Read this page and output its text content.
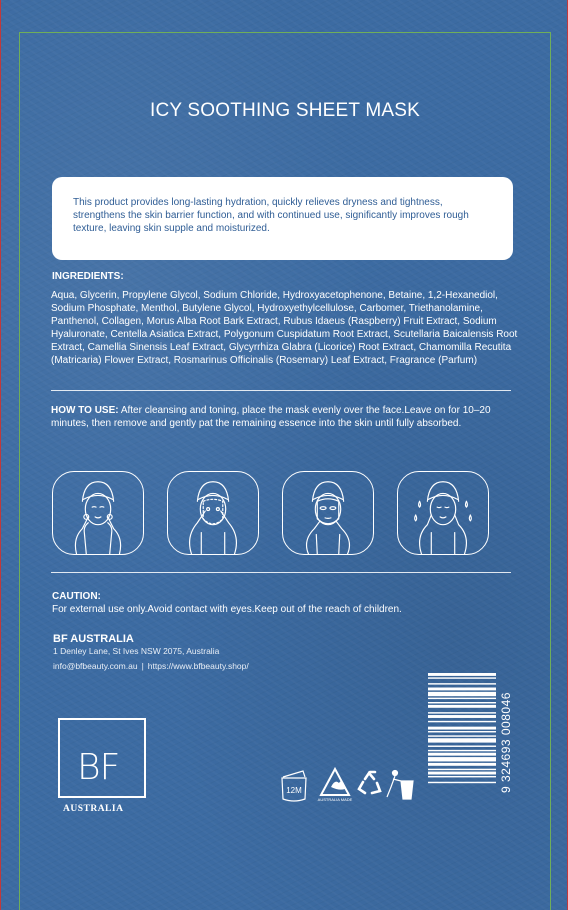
ICY SOOTHING SHEET MASK
This product provides long-lasting hydration, quickly relieves dryness and tightness, strengthens the skin barrier function, and with continued use, significantly improves rough texture, leaving skin supple and moisturized.
INGREDIENTS:
Aqua, Glycerin, Propylene Glycol, Sodium Chloride, Hydroxyacetophenone, Betaine, 1,2-Hexanediol, Sodium Phosphate, Menthol, Butylene Glycol, Hydroxyethylcellulose, Carbomer, Triethanolamine, Panthenol, Collagen, Morus Alba Root Bark Extract, Rubus Idaeus (Raspberry) Fruit Extract, Sodium Hyaluronate, Centella Asiatica Extract, Polygonum Cuspidatum Root Extract, Scutellaria Baicalensis Root Extract, Camellia Sinensis Leaf Extract, Glycyrrhiza Glabra (Licorice) Root Extract, Chamomilla Recutita (Matricaria) Flower Extract, Rosmarinus Officinalis (Rosemary) Leaf Extract, Fragrance (Parfum)
HOW TO USE: After cleansing and toning, place the mask evenly over the face.Leave on for 10–20 minutes, then remove and gently pat the remaining essence into the skin until fully absorbed.
CAUTION:
For external use only.Avoid contact with eyes.Keep out of the reach of children.
BF AUSTRALIA
1 Denley Lane, St Ives NSW 2075, Australia
info@bfbeauty.com.au | https://www.bfbeauty.shop/
BF
AUSTRALIA
12M
AUSTRALIA MADE
9 324693 008046
